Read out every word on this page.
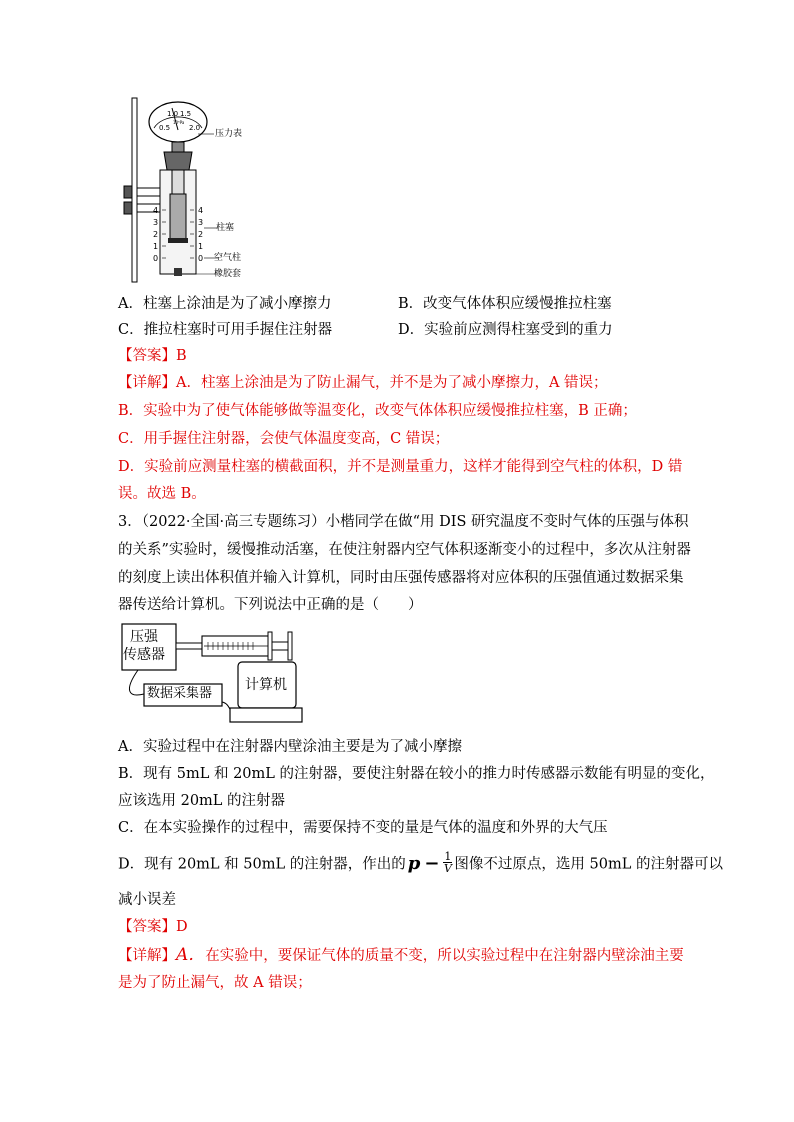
0.5
1.0 1.5
2.0
10⁵Pa
4
3
2
1
0
4
3
2
1
0
压力表
柱塞
空气柱
橡胶套
A．柱塞上涂油是为了减小摩擦力	B．改变气体体积应缓慢推拉柱塞
C．推拉柱塞时可用手握住注射器	D．实验前应测得柱塞受到的重力
【答案】B
【详解】A．柱塞上涂油是为了防止漏气，并不是为了减小摩擦力，A 错误；
B．实验中为了使气体能够做等温变化，改变气体体积应缓慢推拉柱塞，B 正确；
C．用手握住注射器，会使气体温度变高，C 错误；
D．实验前应测量柱塞的横截面积，并不是测量重力，这样才能得到空气柱的体积，D 错
误。故选 B。
3．（2022·全国·高三专题练习）小楷同学在做“用 DIS 研究温度不变时气体的压强与体积
的关系”实验时，缓慢推动活塞，在使注射器内空气体积逐渐变小的过程中，多次从注射器
的刻度上读出体积值并输入计算机，同时由压强传感器将对应体积的压强值通过数据采集
器传送给计算机。下列说法中正确的是（　　）
压强
传感器
数据采集器
计算机
A．实验过程中在注射器内壁涂油主要是为了减小摩擦
B．现有 5mL 和 20mL 的注射器，要使注射器在较小的推力时传感器示数能有明显的变化，
应该选用 20mL 的注射器
C．在本实验操作的过程中，需要保持不变的量是气体的温度和外界的大气压
D．现有 20mL 和 50mL 的注射器，作出的 $p - \frac{1}{V}$ 图像不过原点，选用 50mL 的注射器可以
减小误差
【答案】D
【详解】A．在实验中，要保证气体的质量不变，所以实验过程中在注射器内壁涂油主要
是为了防止漏气，故 A 错误；
